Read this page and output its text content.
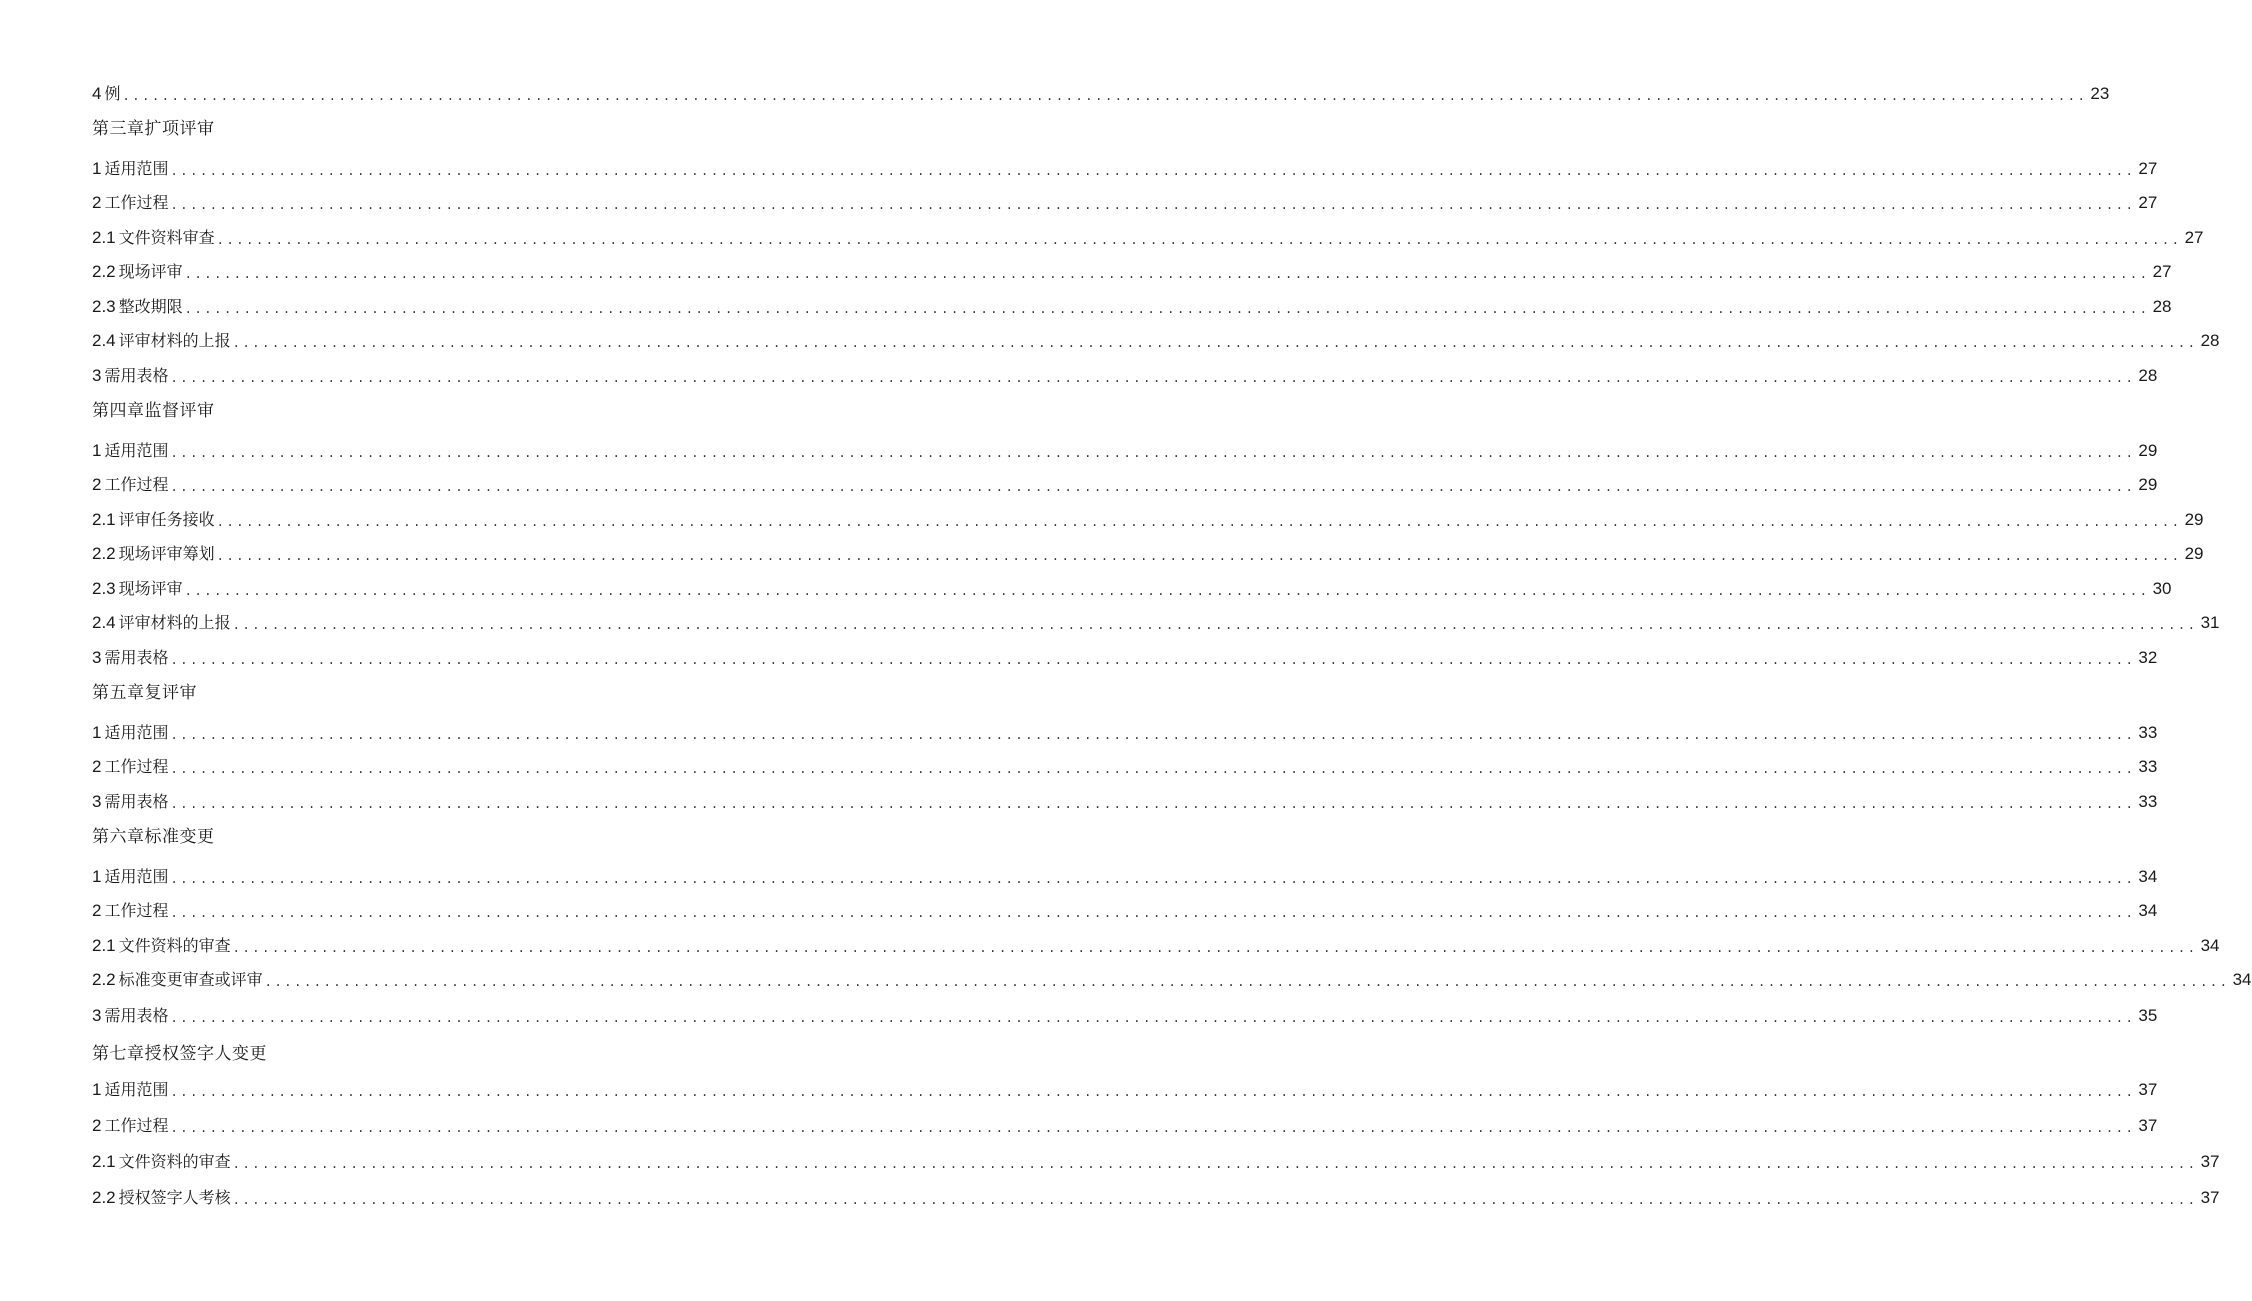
4 例 ........................................................................................................................................................................................................ 23
第三章扩项评审
1 适用范围 ........................................................................................................................................................................................................ 27
2 工作过程 ........................................................................................................................................................................................................ 27
2.1 文件资料审查 ........................................................................................................................................................................................................ 27
2.2 现场评审 ........................................................................................................................................................................................................ 27
2.3 整改期限 ........................................................................................................................................................................................................ 28
2.4 评审材料的上报 ........................................................................................................................................................................................................ 28
3 需用表格 ........................................................................................................................................................................................................ 28
第四章监督评审
1 适用范围 ........................................................................................................................................................................................................ 29
2 工作过程 ........................................................................................................................................................................................................ 29
2.1 评审任务接收 ........................................................................................................................................................................................................ 29
2.2 现场评审筹划 ........................................................................................................................................................................................................ 29
2.3 现场评审 ........................................................................................................................................................................................................ 30
2.4 评审材料的上报 ........................................................................................................................................................................................................ 31
3 需用表格 ........................................................................................................................................................................................................ 32
第五章复评审
1 适用范围 ........................................................................................................................................................................................................ 33
2 工作过程 ........................................................................................................................................................................................................ 33
3 需用表格 ........................................................................................................................................................................................................ 33
第六章标准变更
1 适用范围 ........................................................................................................................................................................................................ 34
2 工作过程 ........................................................................................................................................................................................................ 34
2.1 文件资料的审查 ........................................................................................................................................................................................................ 34
2.2 标准变更审查或评审 ........................................................................................................................................................................................................ 34
3 需用表格 ........................................................................................................................................................................................................ 35
第七章授权签字人变更
1 适用范围 ........................................................................................................................................................................................................ 37
2 工作过程 ........................................................................................................................................................................................................ 37
2.1 文件资料的审查 ........................................................................................................................................................................................................ 37
2.2 授权签字人考核 ........................................................................................................................................................................................................ 37
